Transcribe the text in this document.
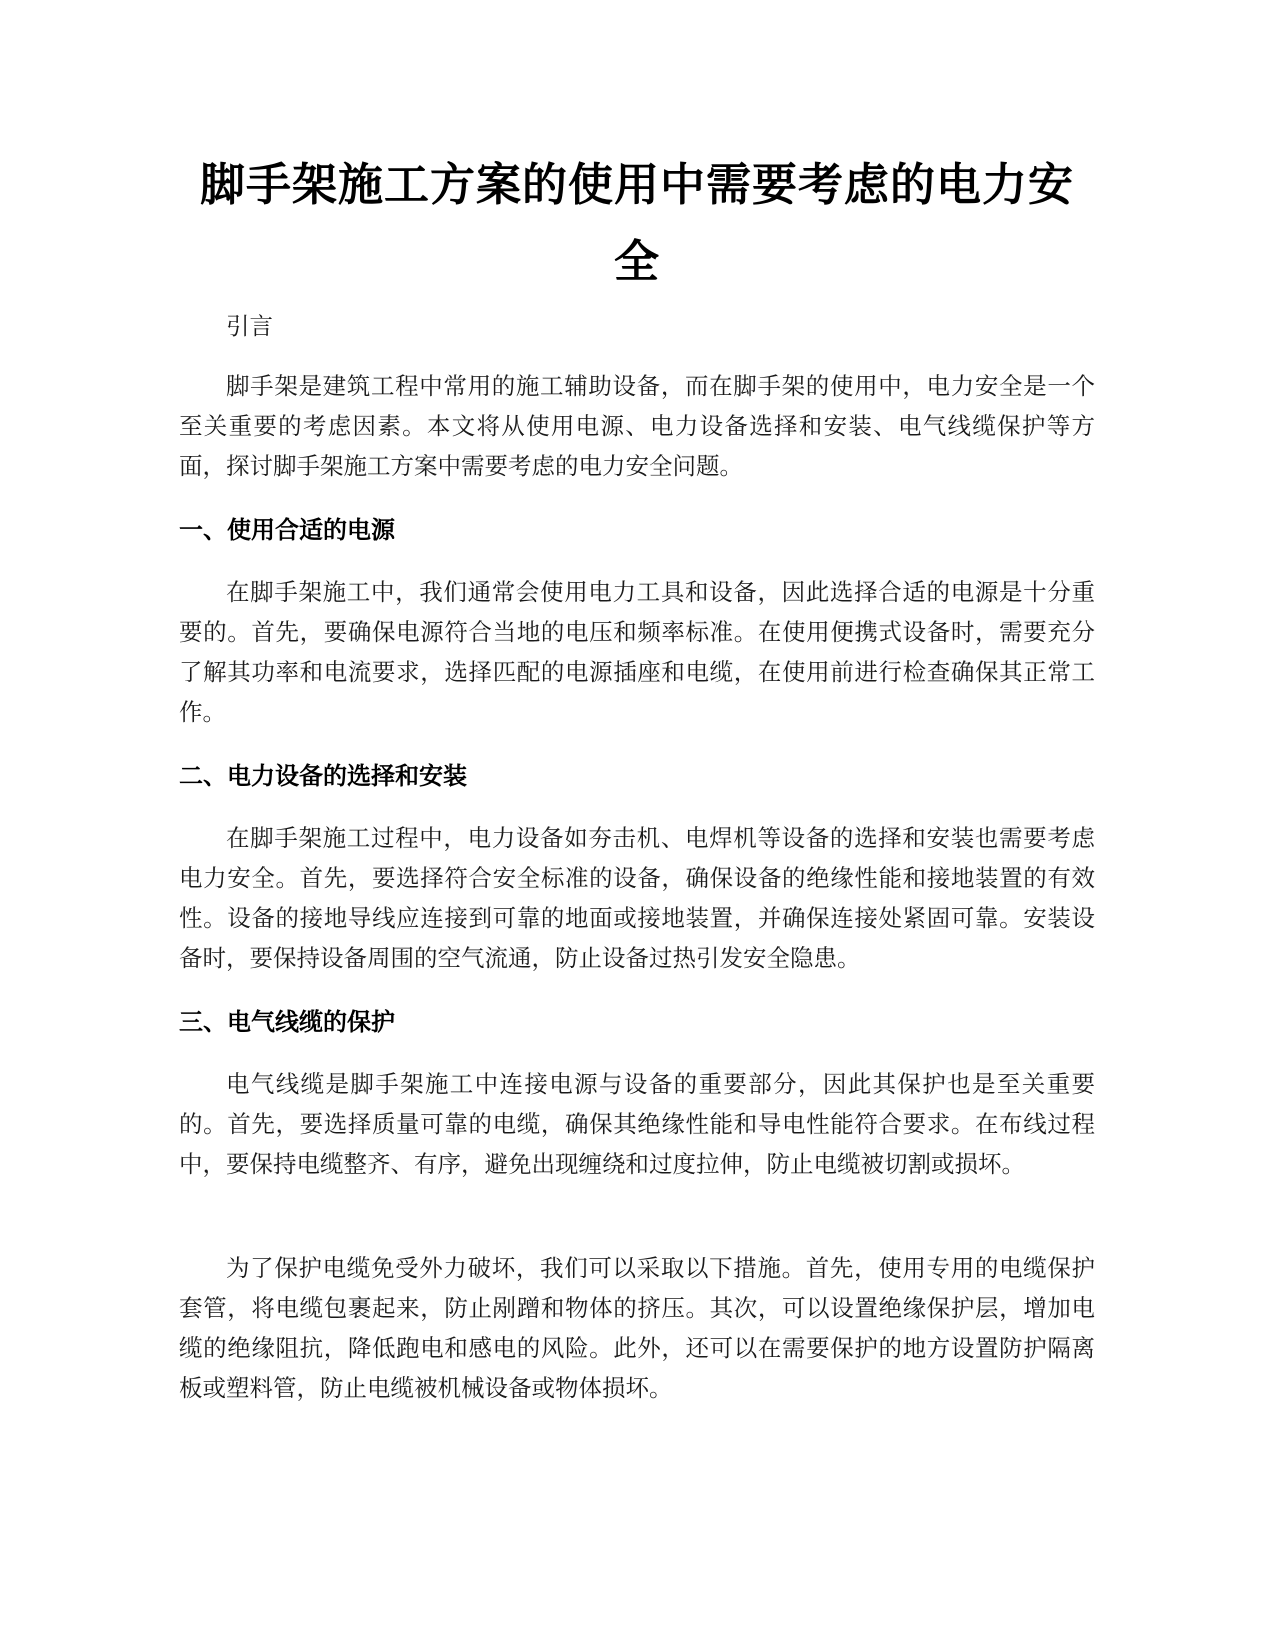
脚手架施工方案的使用中需要考虑的电力安全

引言

脚手架是建筑工程中常用的施工辅助设备，而在脚手架的使用中，电力安全是一个至关重要的考虑因素。本文将从使用电源、电力设备选择和安装、电气线缆保护等方面，探讨脚手架施工方案中需要考虑的电力安全问题。

一、使用合适的电源

在脚手架施工中，我们通常会使用电力工具和设备，因此选择合适的电源是十分重要的。首先，要确保电源符合当地的电压和频率标准。在使用便携式设备时，需要充分了解其功率和电流要求，选择匹配的电源插座和电缆，在使用前进行检查确保其正常工作。

二、电力设备的选择和安装

在脚手架施工过程中，电力设备如夯击机、电焊机等设备的选择和安装也需要考虑电力安全。首先，要选择符合安全标准的设备，确保设备的绝缘性能和接地装置的有效性。设备的接地导线应连接到可靠的地面或接地装置，并确保连接处紧固可靠。安装设备时，要保持设备周围的空气流通，防止设备过热引发安全隐患。

三、电气线缆的保护

电气线缆是脚手架施工中连接电源与设备的重要部分，因此其保护也是至关重要的。首先，要选择质量可靠的电缆，确保其绝缘性能和导电性能符合要求。在布线过程中，要保持电缆整齐、有序，避免出现缠绕和过度拉伸，防止电缆被切割或损坏。

为了保护电缆免受外力破坏，我们可以采取以下措施。首先，使用专用的电缆保护套管，将电缆包裹起来，防止剐蹭和物体的挤压。其次，可以设置绝缘保护层，增加电缆的绝缘阻抗，降低跑电和感电的风险。此外，还可以在需要保护的地方设置防护隔离板或塑料管，防止电缆被机械设备或物体损坏。
